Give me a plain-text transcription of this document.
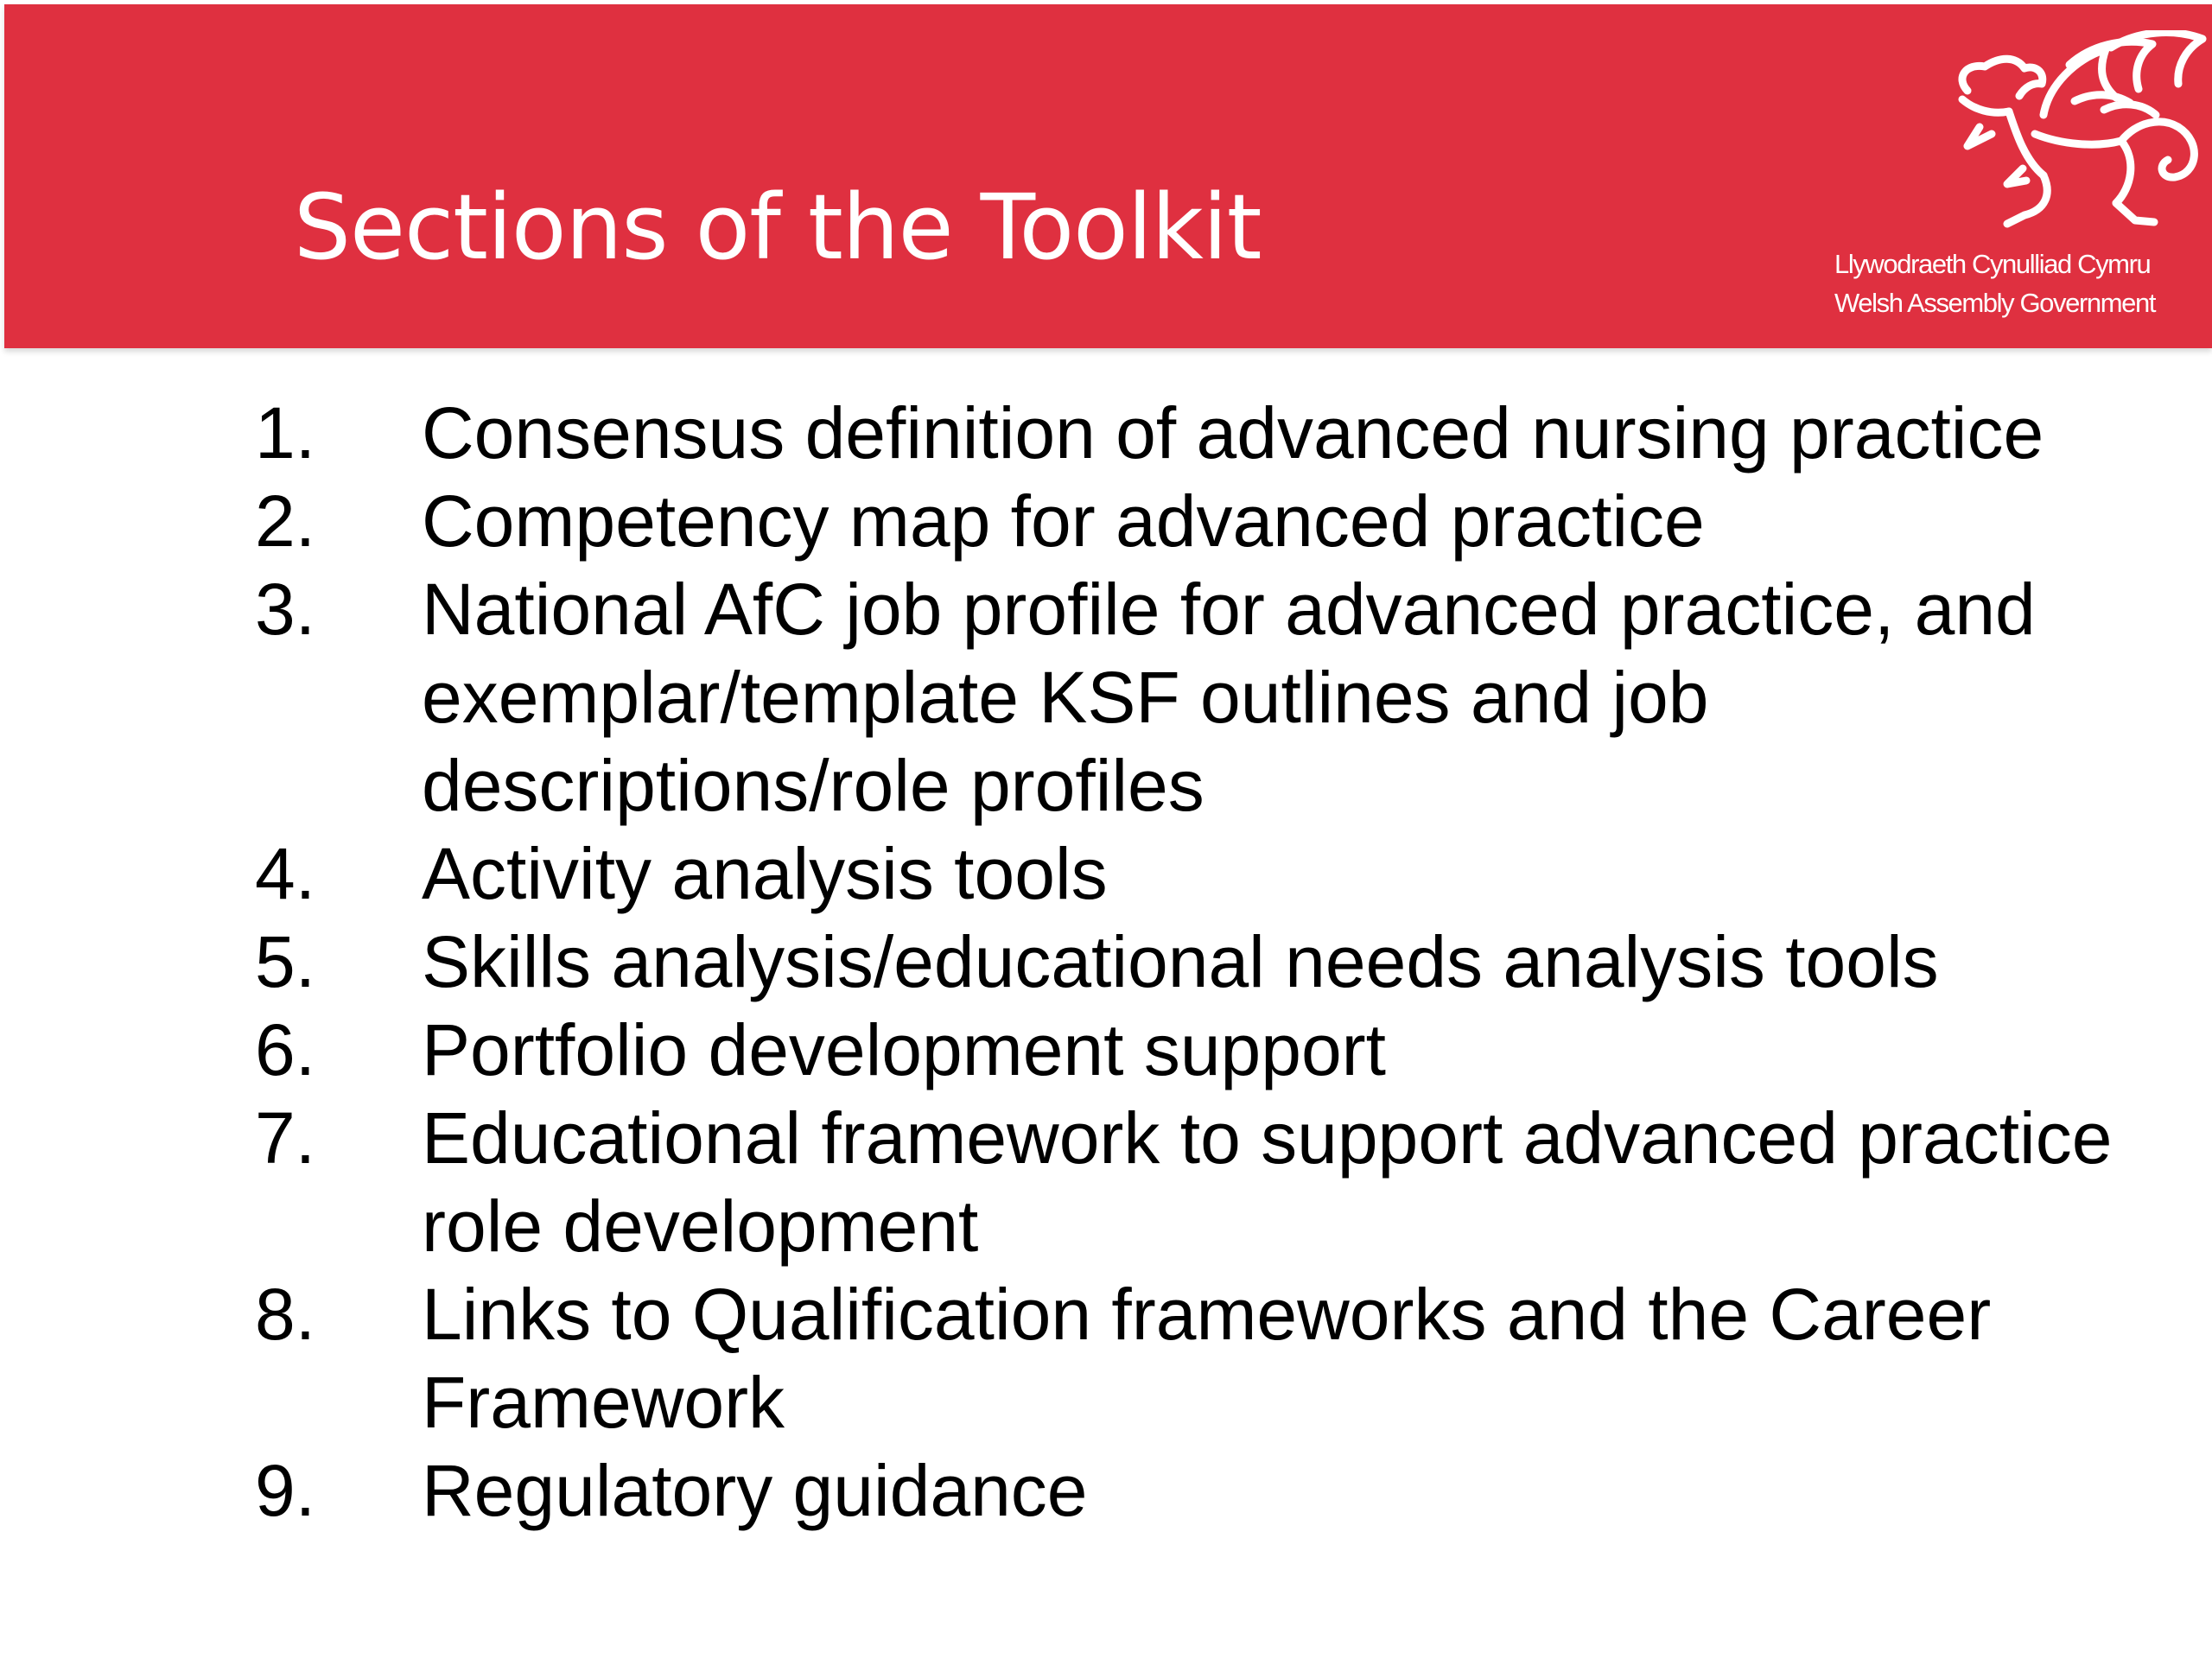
Sections of the Toolkit	Llywodraeth Cynulliad Cymru
Welsh Assembly Government
1.	Consensus definition of advanced nursing practice
2.	Competency map for advanced practice
3.	National AfC job profile for advanced practice, and exemplar/template KSF outlines and job descriptions/role profiles
4.	Activity analysis tools
5.	Skills analysis/educational needs analysis tools
6.	Portfolio development support
7.	Educational framework to support advanced practice role development
8.	Links to Qualification frameworks and the Career Framework
9.	Regulatory guidance
